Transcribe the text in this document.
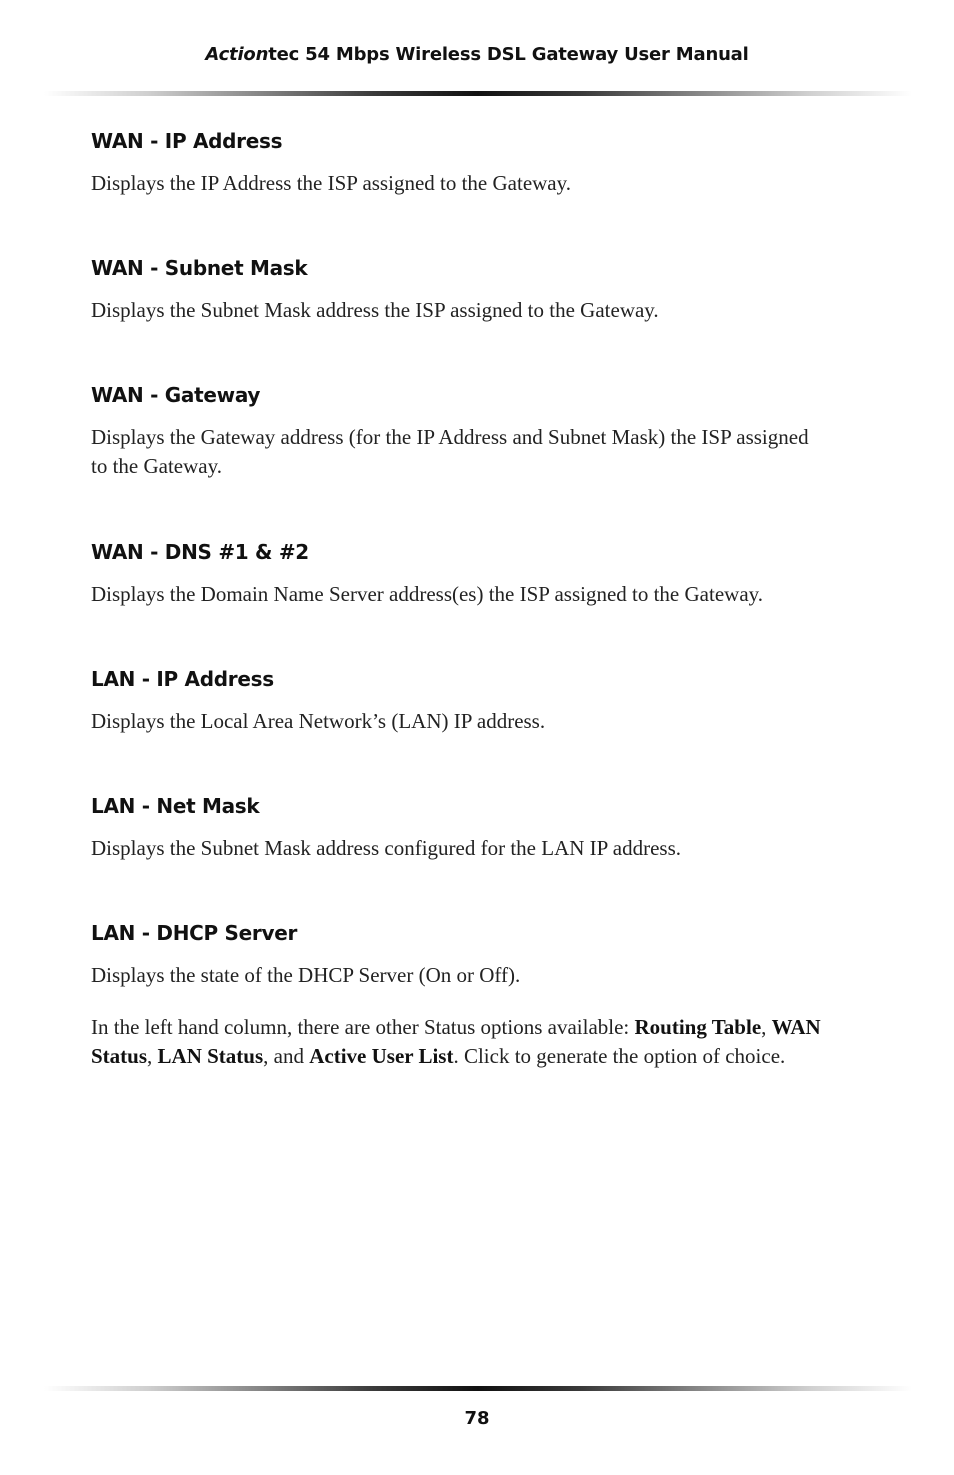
Actiontec 54 Mbps Wireless DSL Gateway User Manual
WAN - IP Address

Displays the IP Address the ISP assigned to the Gateway.

WAN - Subnet Mask

Displays the Subnet Mask address the ISP assigned to the Gateway.

WAN - Gateway

Displays the Gateway address (for the IP Address and Subnet Mask) the ISP assigned to the Gateway.

WAN - DNS #1 & #2

Displays the Domain Name Server address(es) the ISP assigned to the Gateway.

LAN - IP Address

Displays the Local Area Network’s (LAN) IP address.

LAN - Net Mask

Displays the Subnet Mask address configured for the LAN IP address.

LAN - DHCP Server

Displays the state of the DHCP Server (On or Off).

In the left hand column, there are other Status options available: Routing Table, WAN Status, LAN Status, and Active User List. Click to generate the option of choice.

78
